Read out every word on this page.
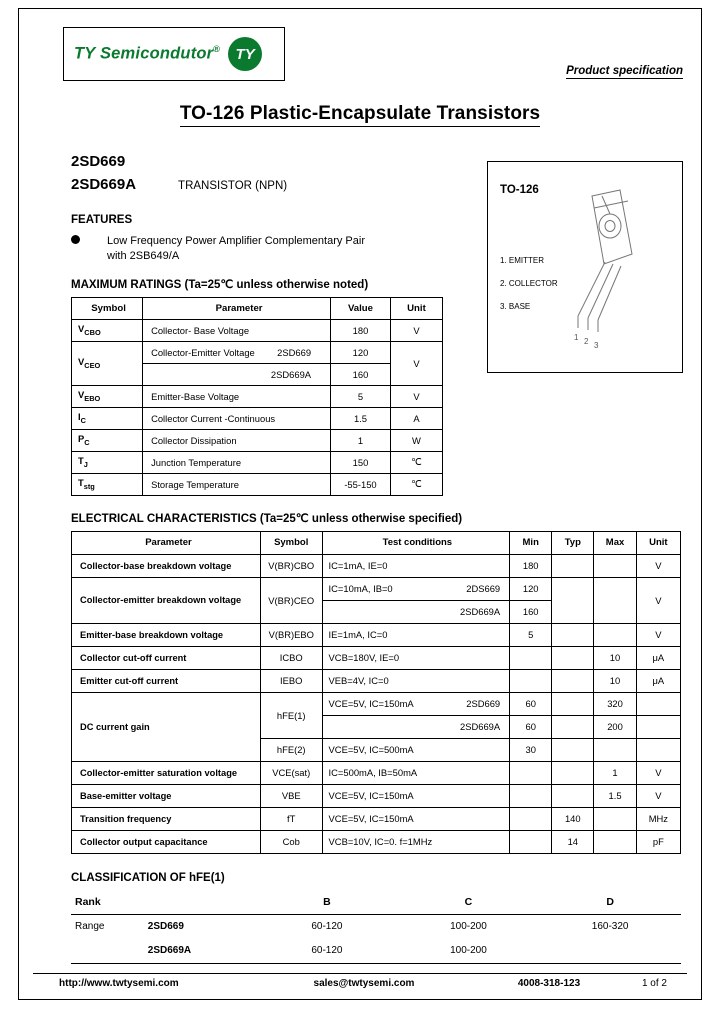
TY Semicondutor®	TY
Product specification
TO-126 Plastic-Encapsulate Transistors
2SD669
2SD669A	TRANSISTOR (NPN)	TO-126
1. EMITTER
2. COLLECTOR
3. BASE
1 2 3
FEATURES
Low Frequency Power Amplifier Complementary Pair
with 2SB649/A
MAXIMUM RATINGS (Ta=25℃ unless otherwise noted)
Symbol	Parameter	Value	Unit
$V_{CBO}$	Collector- Base Voltage	180	V
$V_{CEO}$	Collector-Emitter Voltage 2SD669	120	V

	2SD669A	160	
$V_{EBO}$	Emitter-Base Voltage	5	V
$I_C$	Collector Current -Continuous	1.5	A
$P_C$	Collector Dissipation	1	W
$T_J$	Junction Temperature	150	℃
$T_{stg}$	Storage Temperature	-55-150	℃
ELECTRICAL CHARACTERISTICS (Ta=25℃ unless otherwise specified)
Parameter	Symbol	Test conditions	Min	Typ	Max	Unit
Collector-base breakdown voltage	V(BR)CBO	IC=1mA, IE=0	180			V
Collector-emitter breakdown voltage	V(BR)CEO	IC=10mA, IB=0 2DS669	120			V

		2SD669A	160			
Emitter-base breakdown voltage	V(BR)EBO	IE=1mA, IC=0	5			V
Collector cut-off current	ICBO	VCB=180V, IE=0			10	μA
Emitter cut-off current	IEBO	VEB=4V, IC=0			10	μA
DC current gain	hFE(1)	VCE=5V, IC=150mA 2SD669	60		320	

		2SD669A	60		200	
	hFE(2)	VCE=5V, IC=500mA	30			
Collector-emitter saturation voltage	VCE(sat)	IC=500mA, IB=50mA			1	V
Base-emitter voltage	VBE	VCE=5V, IC=150mA			1.5	V
Transition frequency	fT	VCE=5V, IC=150mA		140		MHz
Collector output capacitance	Cob	VCB=10V, IC=0. f=1MHz		14		pF
CLASSIFICATION OF hFE(1)
Rank		B	C	D
Range	2SD669	60-120	100-200	160-320
	2SD669A	60-120	100-200	
http://www.twtysemi.com	sales@twtysemi.com	4008-318-123	1 of 2
